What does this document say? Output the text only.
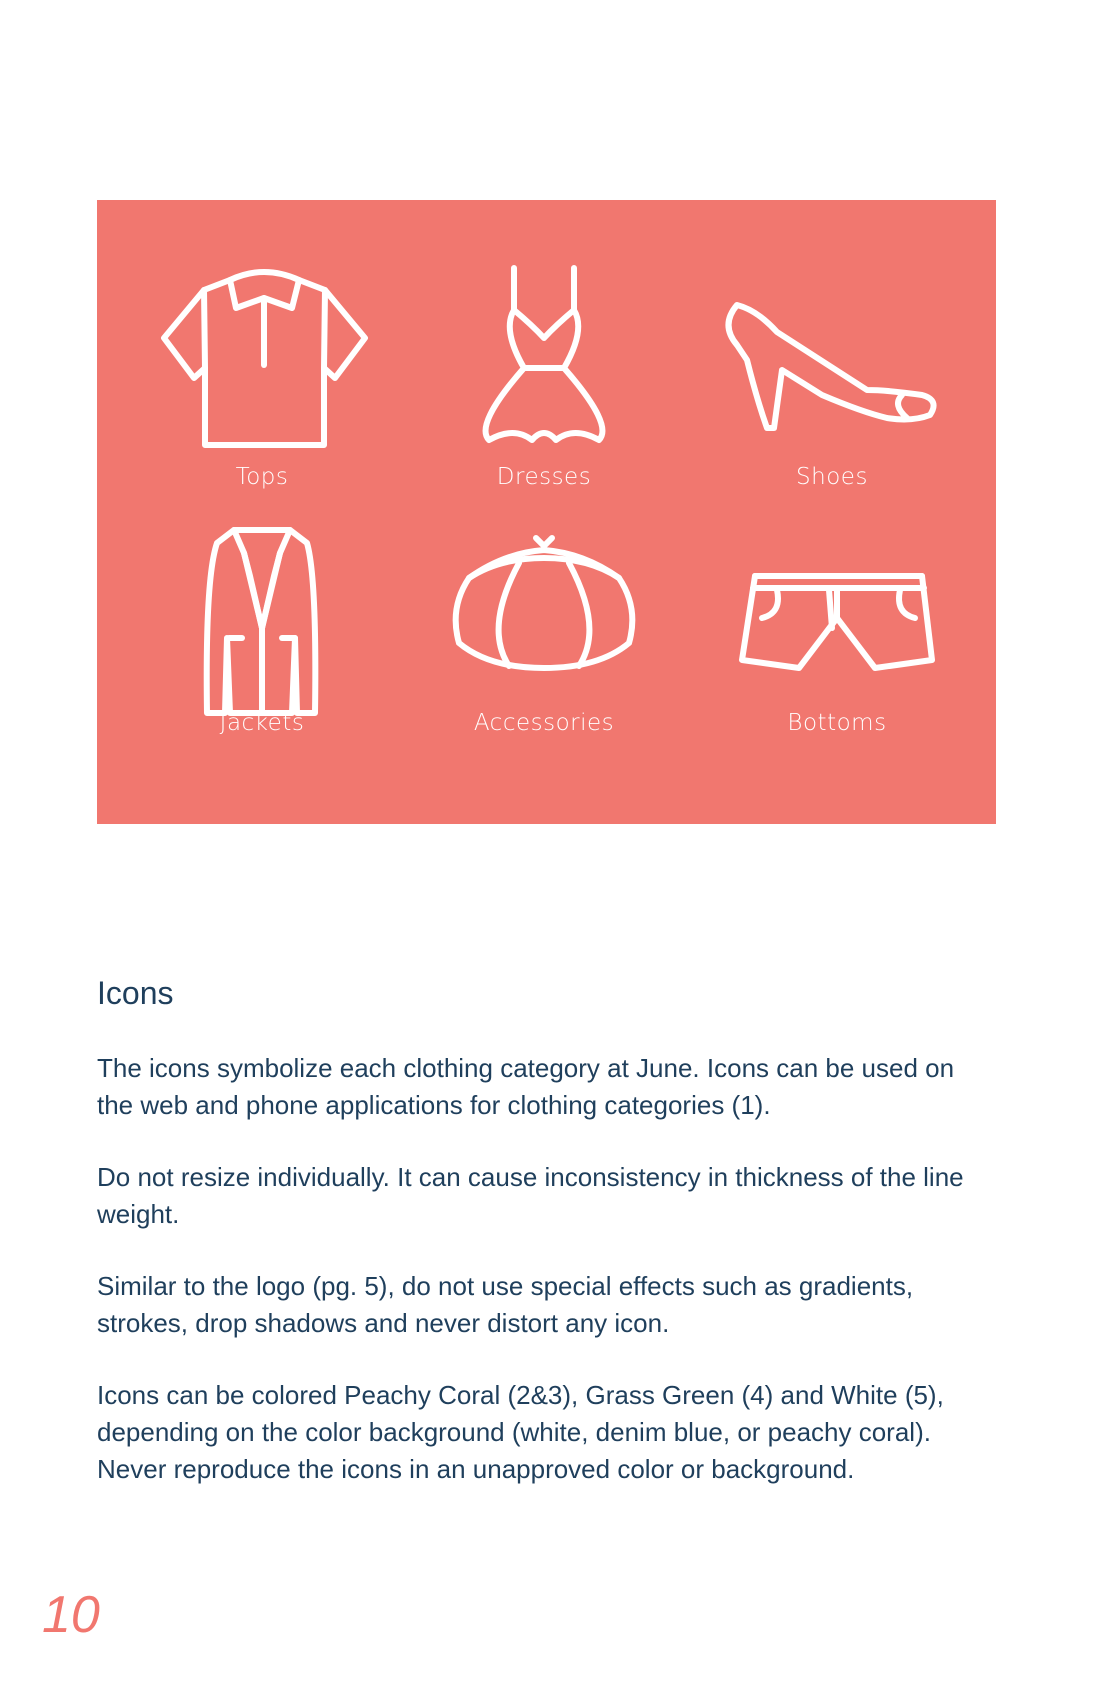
Tops	Dresses	Shoes
Jackets	Accessories	Bottoms
Icons

The icons symbolize each clothing category at June. Icons can be used on the web and phone applications for clothing categories (1).

Do not resize individually. It can cause inconsistency in thickness of the line weight.

Similar to the logo (pg. 5), do not use special effects such as gradients, strokes, drop shadows and never distort any icon.

Icons can be colored Peachy Coral (2&3), Grass Green (4) and White (5), depending on the color background (white, denim blue, or peachy coral). Never reproduce the icons in an unapproved color or background.

10
